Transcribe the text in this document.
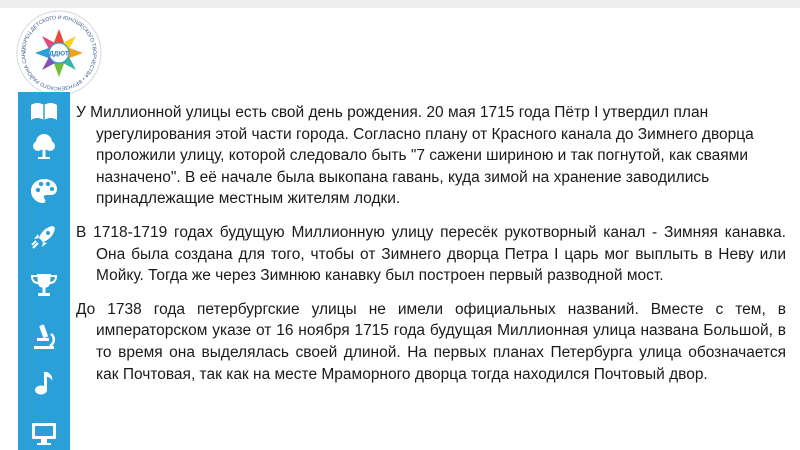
ДВОРЕЦ ДЕТСКОГО И ЮНОШЕСКОГО ТВОРЧЕСТВА • ФРУНЗЕНСКОГО РАЙОНА САН	ДДЮТ

У Миллионной улицы есть свой день рождения. 20 мая 1715 года Пётр I утвердил план урегулирования этой части города. Согласно плану от Красного канала до Зимнего дворца проложили улицу, которой следовало быть "7 сажени шириною и так погнутой, как сваями назначено". В её начале была выкопана гавань, куда зимой на хранение заводились принадлежащие местным жителям лодки.

В 1718-1719 годах будущую Миллионную улицу пересёк рукотворный канал - Зимняя канавка. Она была создана для того, чтобы от Зимнего дворца Петра I царь мог выплыть в Неву или Мойку. Тогда же через Зимнюю канавку был построен первый разводной мост.

До 1738 года петербургские улицы не имели официальных названий. Вместе с тем, в императорском указе от 16 ноября 1715 года будущая Миллионная улица названа Большой, в то время она выделялась своей длиной. На первых планах Петербурга улица обозначается как Почтовая, так как на месте Мраморного дворца тогда находился Почтовый двор.
